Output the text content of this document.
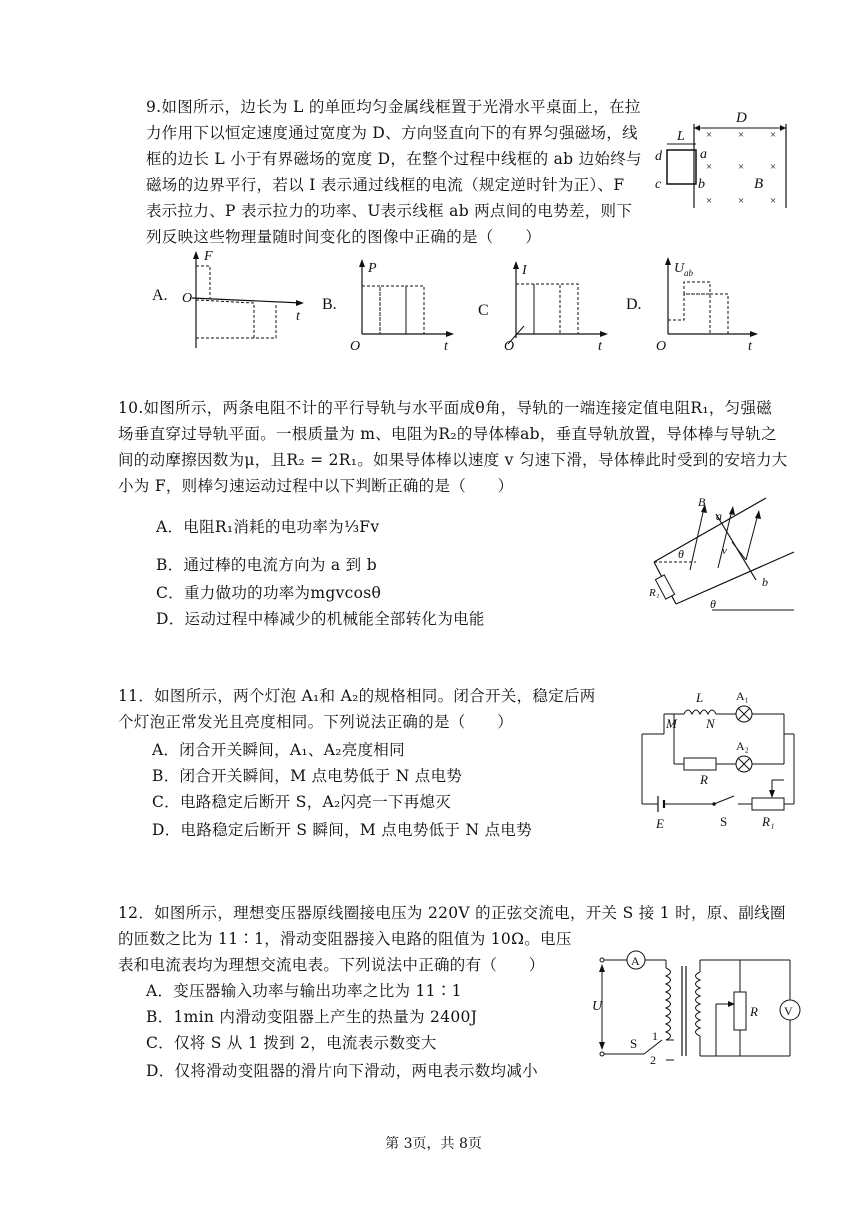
9.如图所示，边长为 L 的单匝均匀金属线框置于光滑水平桌面上，在拉
力作用下以恒定速度通过宽度为 D、方向竖直向下的有界匀强磁场，线
框的边长 L 小于有界磁场的宽度 D，在整个过程中线框的 ab 边始终与
磁场的边界平行，若以 I 表示通过线框的电流（规定逆时针为正）、F
表示拉力、P 表示拉力的功率、U表示线框 ab 两点间的电势差，则下
列反映这些物理量随时间变化的图像中正确的是（　　）
D
L
d	a
c	b	B
× × ×
× × ×
× × ×
A.
F
O
t
B.
P
O	t
C
I
O	t
D.
U ab
O	t
10.如图所示，两条电阻不计的平行导轨与水平面成θ角，导轨的一端连接定值电阻R₁，匀强磁
场垂直穿过导轨平面。一根质量为 m、电阻为R₂的导体棒ab，垂直导轨放置，导体棒与导轨之
间的动摩擦因数为μ，且R₂ = 2R₁。如果导体棒以速度 v 匀速下滑，导体棒此时受到的安培力大
小为 F，则棒匀速运动过程中以下判断正确的是（　　）
A．电阻R₁消耗的电功率为⅓Fv
B．通过棒的电流方向为 a 到 b
C．重力做功的功率为mgvcosθ
D．运动过程中棒减少的机械能全部转化为电能
R₁
θ
θ
a
b
B
v
11．如图所示，两个灯泡 A₁和 A₂的规格相同。闭合开关，稳定后两
个灯泡正常发光且亮度相同。下列说法正确的是（　　）
A．闭合开关瞬间，A₁、A₂亮度相同
B．闭合开关瞬间，M 点电势低于 N 点电势
C．电路稳定后断开 S，A₂闪亮一下再熄灭
D．电路稳定后断开 S 瞬间，M 点电势低于 N 点电势
L
M N
A₁
A₂
R
E	S	R₁
12．如图所示，理想变压器原线圈接电压为 220V 的正弦交流电，开关 S 接 1 时，原、副线圈
的匝数之比为 11∶1，滑动变阻器接入电路的阻值为 10Ω。电压
表和电流表均为理想交流电表。下列说法中正确的有（　　）
A．变压器输入功率与输出功率之比为 11∶1
B．1min 内滑动变阻器上产生的热量为 2400J
C．仅将 S 从 1 拨到 2，电流表示数变大
D．仅将滑动变阻器的滑片向下滑动，两电表示数均减小
A
U
S 1
2
R V
第 3页，共 8页
